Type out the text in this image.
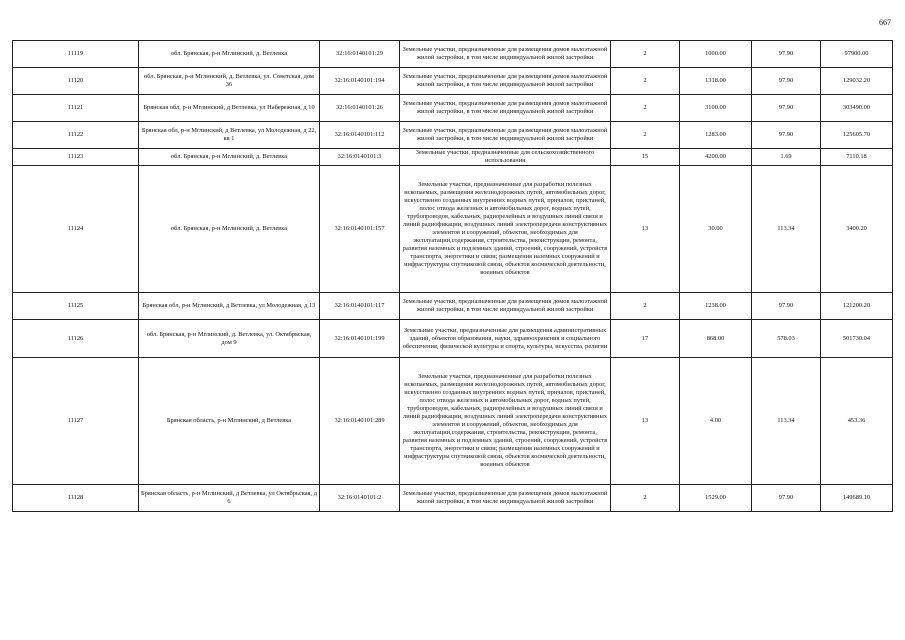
667
11119	обл. Брянская, р-н Мглинский, д. Ветлевка	32:16:0140101:29	Земельные участки, предназначенные для размещения домов малоэтажной жилой застройки, в том числе индивидуальной жилой застройки	2	1000.00	97.90	97900.00
11120	обл. Брянская, р-н Мглинский, д. Ветлевка, ул. Советская, дом 36	32:16:0140101:194	Земельные участки, предназначенные для размещения домов малоэтажной жилой застройки, в том числе индивидуальной жилой застройки	2	1318.00	97.90	129032.20
11121	Брянская обл, р-н Мглинский, д Ветлевка, ул Набережная, д 10	32:16:0140101:26	Земельные участки, предназначенные для размещения домов малоэтажной жилой застройки, в том числе индивидуальной жилой застройки	2	3100.00	97.90	303490.00
11122	Брянская обл, р-н Мглинский, д Ветлевка, ул Молодежная, д 22, кв 1	32:16:0140101:112	Земельные участки, предназначенные для размещения домов малоэтажной жилой застройки, в том числе индивидуальной жилой застройки	2	1283.00	97.90	125605.70
11123	обл. Брянская, р-н Мглинский, д. Ветлевка	32:16:0140101:3	Земельные участки, предназначенные для сельскохозяйственного использования	15	4200.00	1.69	7110.18
11124	обл. Брянская, р-н Мглинский, д. Ветлевка	32:16:0140101:157	Земельные участки, предназначенные для разработки полезных ископаемых, размещения железнодорожных путей, автомобильных дорог, искусственно созданных внутренних водных путей, причалов, пристаней, полос отвода железных и автомобильных дорог, водных путей, трубопроводов, кабельных, радиорелейных и воздушных линий связи и линий радиофикации, воздушных линий электропередачи конструктивных элементов и сооружений, объектов, необходимых для эксплуатации,содержания, строительства, реконструкции, ремонта, развития наземных и подземных зданий, строений, сооружений, устройств транспорта, энергетики и связи; размещения наземных сооружений и инфраструктуры спутниковой связи, объектов космической деятельности, военных объектов	13	30.00	113.34	3400.20
11125	Брянская обл, р-н Мглинский, д Ветлевка, ул Молодежная, д 13	32:16:0140101:117	Земельные участки, предназначенные для размещения домов малоэтажной жилой застройки, в том числе индивидуальной жилой застройки	2	1238.00	97.90	121200.20
11126	обл. Брянская, р-н Мглинский, д. Ветлевка, ул. Октябрьская, дом 9	32:16:0140101:199	Земельные участки, предназначенные для размещения административных зданий, объектов образования, науки, здравоохранения и социального обеспечения, физической культуры и спорта, культуры, искусства, религии	17	868.00	578.03	501730.04
11127	Брянская область, р-н Мглинский, д Ветлевка	32:16:0140101:289	Земельные участки, предназначенные для разработки полезных ископаемых, размещения железнодорожных путей, автомобильных дорог, искусственно созданных внутренних водных путей, причалов, пристаней, полос отвода железных и автомобильных дорог, водных путей, трубопроводов, кабельных, радиорелейных и воздушных линий связи и линий радиофикации, воздушных линий электропередачи конструктивных элементов и сооружений, объектов, необходимых для эксплуатации,содержания, строительства, реконструкции, ремонта, развития наземных и подземных зданий, строений, сооружений, устройств транспорта, энергетики и связи; размещения наземных сооружений и инфраструктуры спутниковой связи, объектов космической деятельности, военных объектов	13	4.00	113.34	453.36
11128	Брянская область, р-н Мглинский, д Ветлевка, ул Октябрьская, д 6	32:16:0140101:2	Земельные участки, предназначенные для размещения домов малоэтажной жилой застройки, в том числе индивидуальной жилой застройки	2	1529.00	97.90	149689.10
